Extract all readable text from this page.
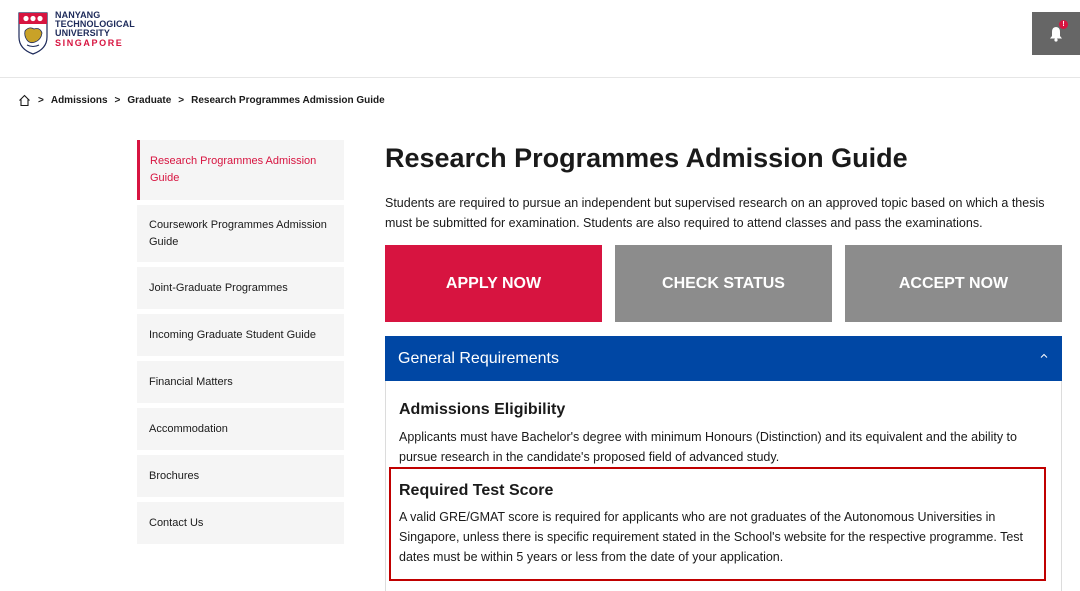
NANYANG
TECHNOLOGICAL
UNIVERSITY
SINGAPORE
!
> Admissions > Graduate > Research Programmes Admission Guide
Research Programmes Admission Guide
Coursework Programmes Admission Guide
Joint-Graduate Programmes
Incoming Graduate Student Guide
Financial Matters
Accommodation
Brochures
Contact Us
Research Programmes Admission Guide

Students are required to pursue an independent but supervised research on an approved topic based on which a thesis must be submitted for examination. Students are also required to attend classes and pass the examinations.

APPLY NOW	CHECK STATUS	ACCEPT NOW
General Requirements
Admissions Eligibility

Applicants must have Bachelor's degree with minimum Honours (Distinction) and its equivalent and the ability to pursue research in the candidate's proposed field of advanced study.

Required Test Score

A valid GRE/GMAT score is required for applicants who are not graduates of the Autonomous Universities in Singapore, unless there is specific requirement stated in the School's website for the respective programme. Test dates must be within 5 years or less from the date of your application.
